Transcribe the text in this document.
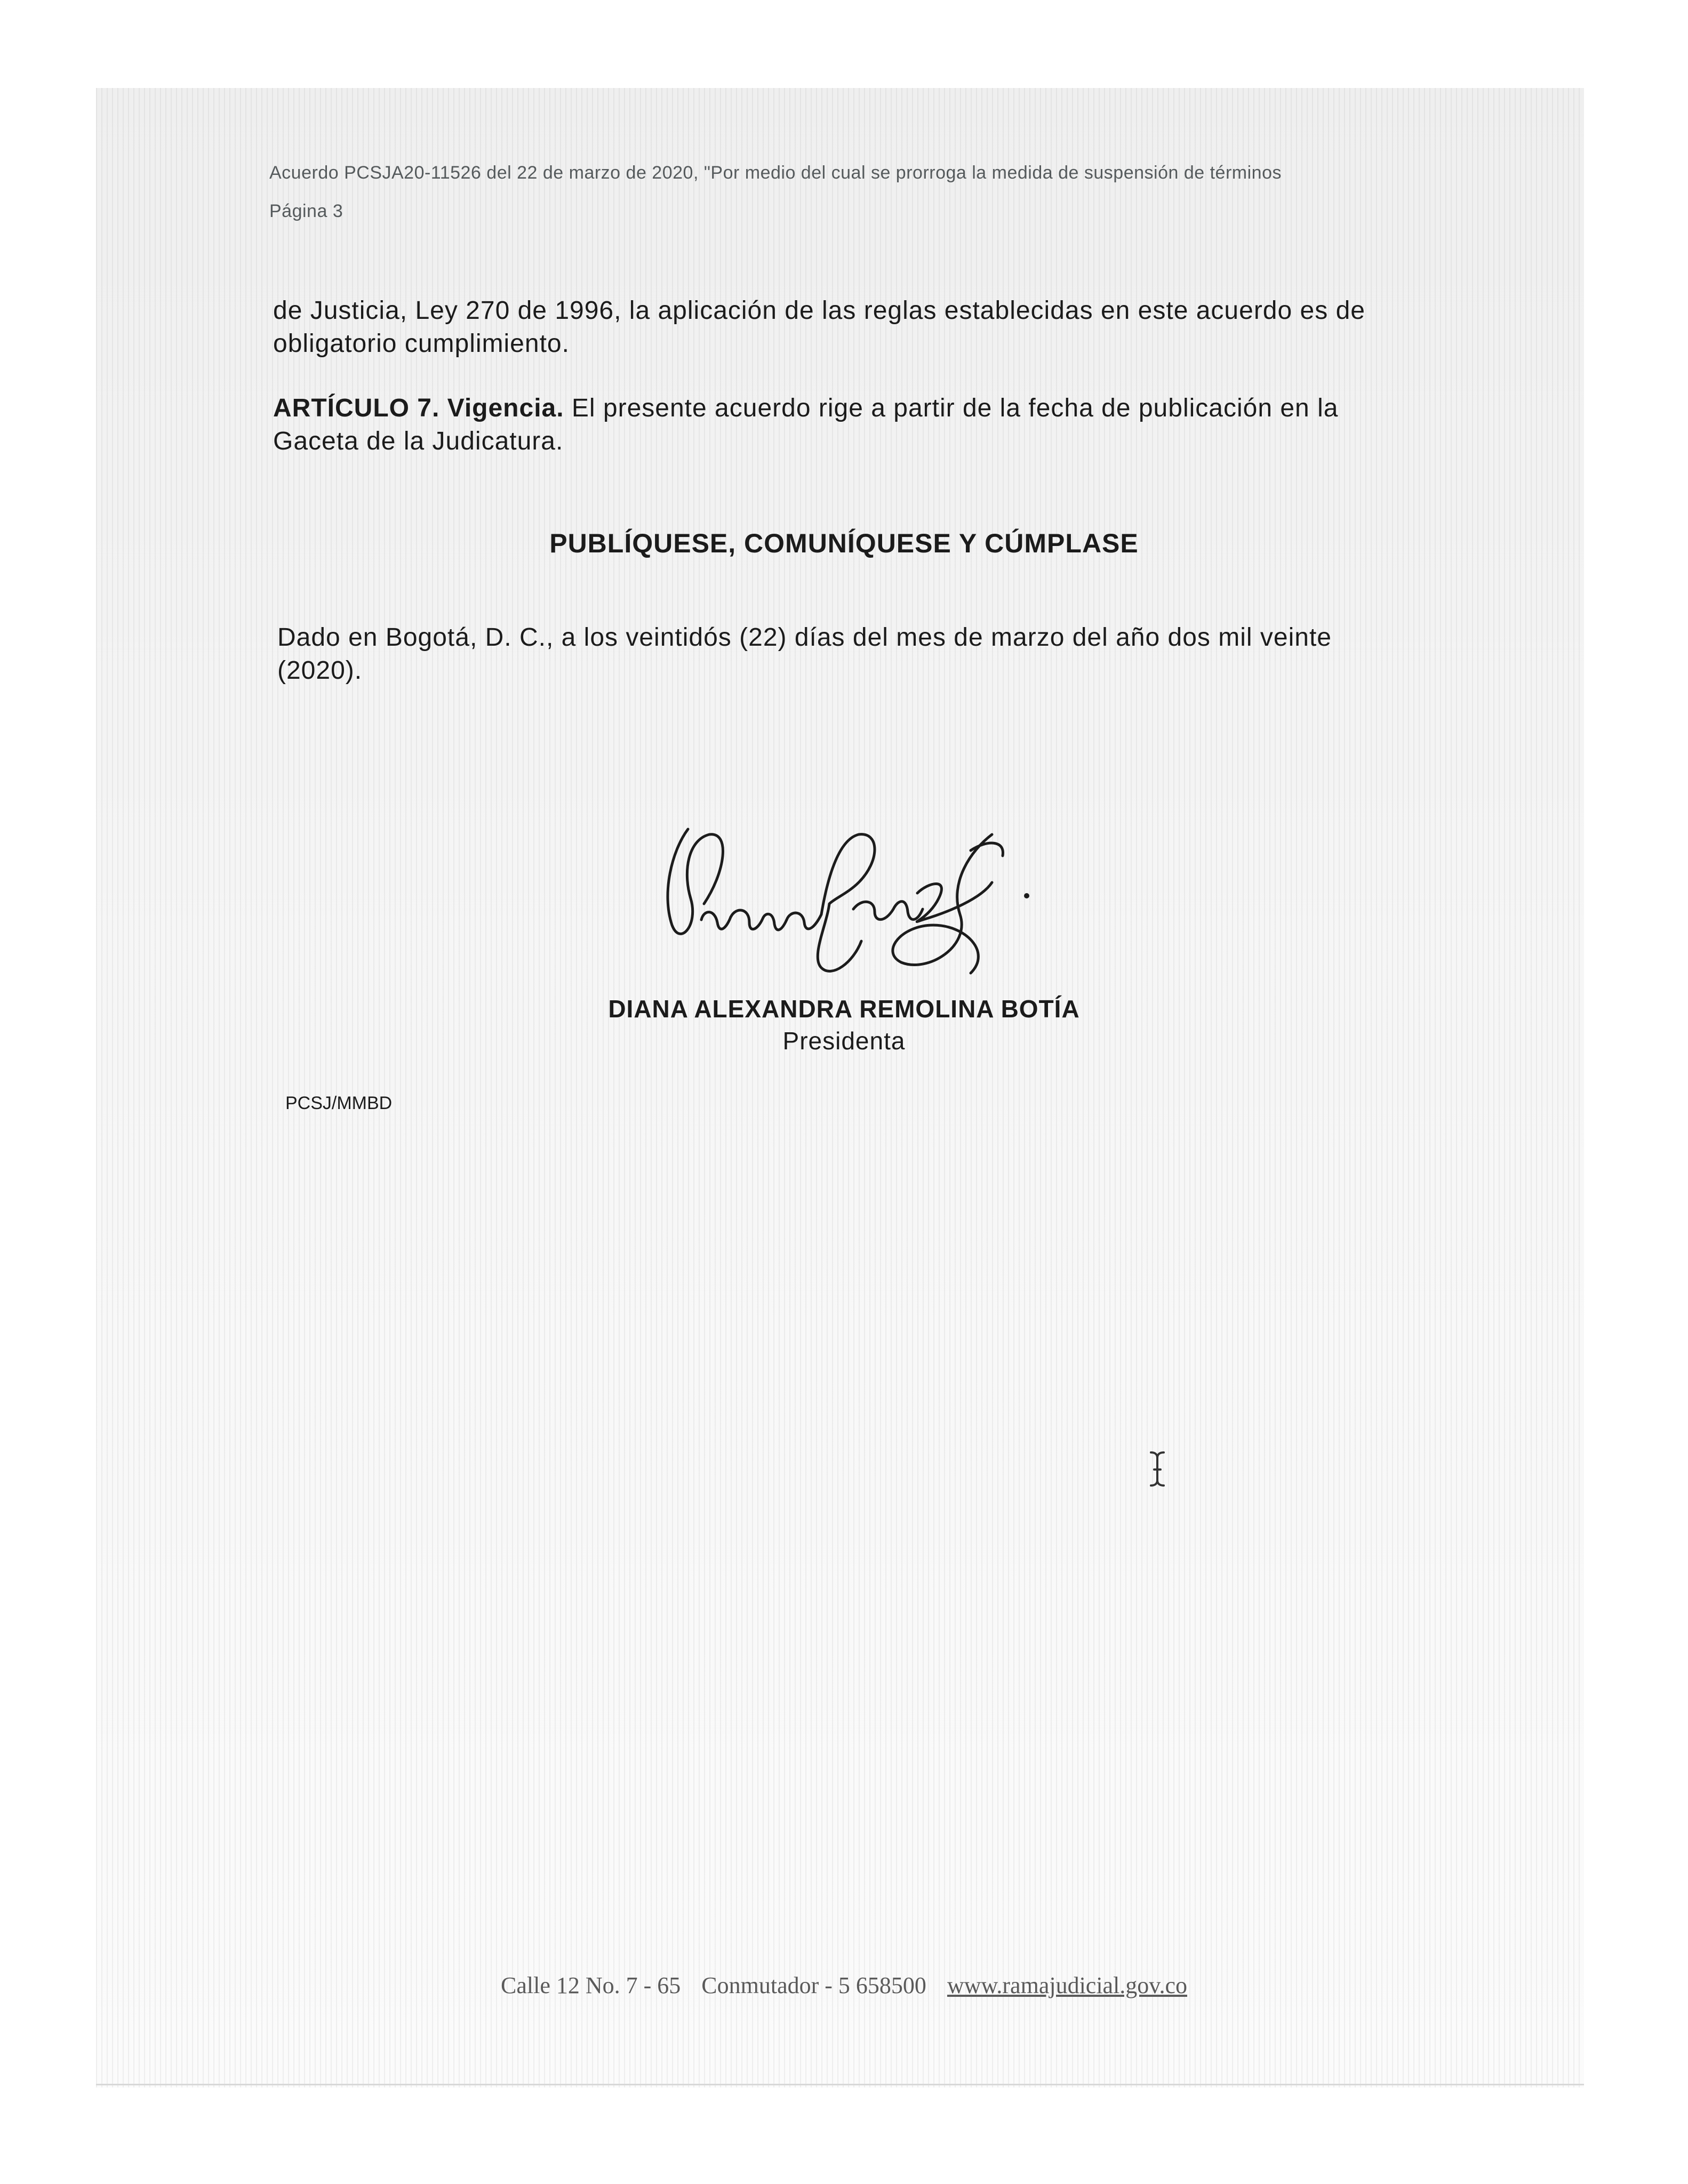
Acuerdo PCSJA20-11526 del 22 de marzo de 2020, "Por medio del cual se prorroga la medida de suspensión de términos
Página 3
de Justicia, Ley 270 de 1996, la aplicación de las reglas establecidas en este acuerdo es de obligatorio cumplimiento.
ARTÍCULO 7. Vigencia. El presente acuerdo rige a partir de la fecha de publicación en la Gaceta de la Judicatura.
PUBLÍQUESE, COMUNÍQUESE Y CÚMPLASE
Dado en Bogotá, D. C., a los veintidós (22) días del mes de marzo del año dos mil veinte (2020).
DIANA ALEXANDRA REMOLINA BOTÍA
Presidenta
PCSJ/MMBD
Calle 12 No. 7 - 65 Conmutador - 5 658500 www.ramajudicial.gov.co
